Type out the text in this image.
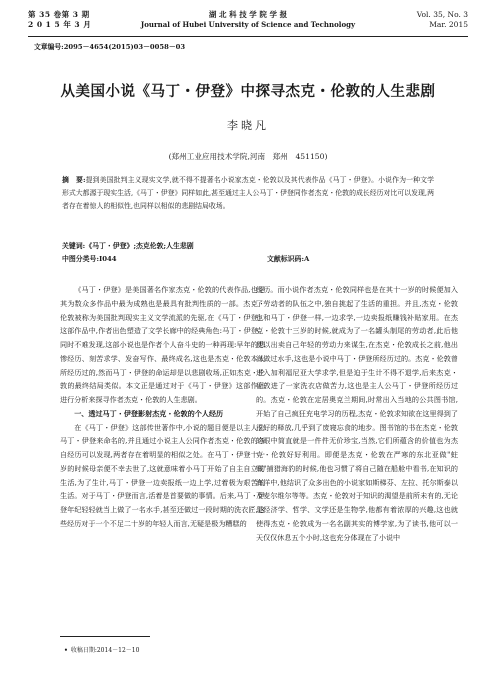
第 35 卷第 3 期
2 0 1 5 年 3 月
湖 北 科 技 学 院 学 报
Journal of Hubei University of Science and Technology
Vol. 35, No. 3
Mar. 2015
文章编号:2095－4654(2015)03－0058－03
从美国小说《马丁・伊登》中探寻杰克・伦敦的人生悲剧
李晓凡
(郑州工业应用技术学院,河南　郑州　451150)
摘　要:提到美国批判主义现实文学,就不得不提著名小说家杰克・伦敦以及其代表作品《马丁・伊登》。小说作为一种文学形式大都源于现实生活,《马丁・伊登》同样如此,甚至通过主人公马丁・伊登同作者杰克・伦敦的成长经历对比可以发现,两者存在着惊人的相似性,也同样以相似的悲剧结局收场。
关键词:《马丁・伊登》;杰克伦敦;人生悲剧
中图分类号:I044	文献标识码:A

《马丁・伊登》是美国著名作家杰克・伦敦的代表作品,也是其为数众多作品中最为成熟也是最具有批判性质的一部。杰克・伦敦被称为美国批判现实主义文学流派的先驱,在《马丁・伊登》这部作品中,作者出色塑造了文学长廊中的经典角色:马丁・伊登。同时不难发现,这部小说也是作者个人奋斗史的一种再现:早年的悲惨经历、刻苦求学、发奋写作、最终成名,这也是杰克・伦敦本人所经历过的,然而马丁・伊登的命运却是以悲剧收场,正如杰克・伦敦的最终结局类似。本文正是通过对于《马丁・伊登》这部作品进行分析来探寻作者杰克・伦敦的人生悲剧。

一、透过马丁・伊登影射杰克・伦敦的个人经历

在《马丁・伊登》这部传世著作中,小说的题目便是以主人公马丁・伊登来命名的,并且通过小说主人公同作者杰克・伦敦的各自经历可以发现,两者存在着明显的相似之处。在马丁・伊登十一岁的时候母亲便不幸去世了,这就意味着小马丁开始了自主自立的生活,为了生计,马丁・伊登一边卖报纸一边上学,过着极为艰苦的生活。对于马丁・伊登而言,活着是首要做的事情。后来,马丁・伊登年纪轻轻就当上做了一名水手,甚至还做过一段时期的洗衣匠,这些经历对于一个不足二十岁的年轻人而言,无疑是极为糟糕的

经历。而小说作者杰克・伦敦同样也是在其十一岁的时候便加入了劳动者的队伍之中,独自挑起了生活的重担。并且,杰克・伦敦也和马丁・伊登一样,一边求学,一边卖报纸赚钱补贴家用。在杰克・伦敦十三岁的时候,就成为了一名罐头制尾的劳动者,此后他便以出卖自己年轻的劳动力来谋生,在杰克・伦敦成长之前,他出海做过水手,这也是小说中马丁・伊登所经历过的。杰克・伦敦曾进入加利福尼亚大学求学,但是迫于生计不得不退学,后来杰克・伦敦进了一家洗衣店做苦力,这也是主人公马丁・伊登所经历过的。杰克・伦敦在定居奥克兰期间,时常出入当地的公共图书馆,开始了自己疯狂充电学习的历程,杰克・伦敦求知欲在这里得到了很好的释放,几乎到了废寝忘食的地步。图书馆的书在杰克・伦敦的眼中简直就是一件件无价珍宝,当然,它们所蕴含的价值也为杰克・伦敦好好利用。即便是杰克・伦敦在严寒的东北亚做"蛀贼"捕猎海豹的时候,他也习惯了将自己随在船舱中看书,在知识的海洋中,他结识了众多出色的小说家如斯梯芬、左拉、托尔斯泰以及麦尔维尔等等。杰克・伦敦对于知识的渴望是前所未有的,无论是经济学、哲学、文学还是生物学,他都有着浓厚的兴趣,这也就使得杰克・伦敦成为一名名副其实的博学家,为了读书,他可以一天仅仅休息五个小时,这也充分体现在了小说中

• 收稿日期:2014－12－10
